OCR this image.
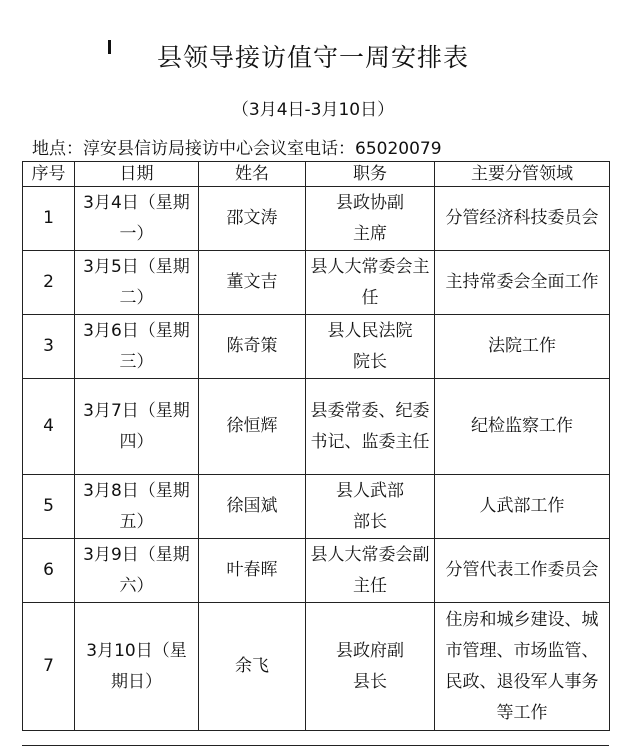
县领导接访值守一周安排表
（3月4日-3月10日）
地点：淳安县信访局接访中心会议室电话：65020079
序号	日期	姓名	职务	主要分管领域
1	3月4日（星期一）	邵文涛	县政协副主席	分管经济科技委员会
2	3月5日（星期二）	董文吉	县人大常委会主任	主持常委会全面工作
3	3月6日（星期三）	陈奇策	县人民法院院长	法院工作
4	3月7日（星期四）	徐恒辉	县委常委、纪委书记、监委主任	纪检监察工作
5	3月8日（星期五）	徐国斌	县人武部部长	人武部工作
6	3月9日（星期六）	叶春晖	县人大常委会副主任	分管代表工作委员会
7	3月10日（星期日）	余飞	县政府副县长	住房和城乡建设、城市管理、市场监管、民政、退役军人事务等工作
